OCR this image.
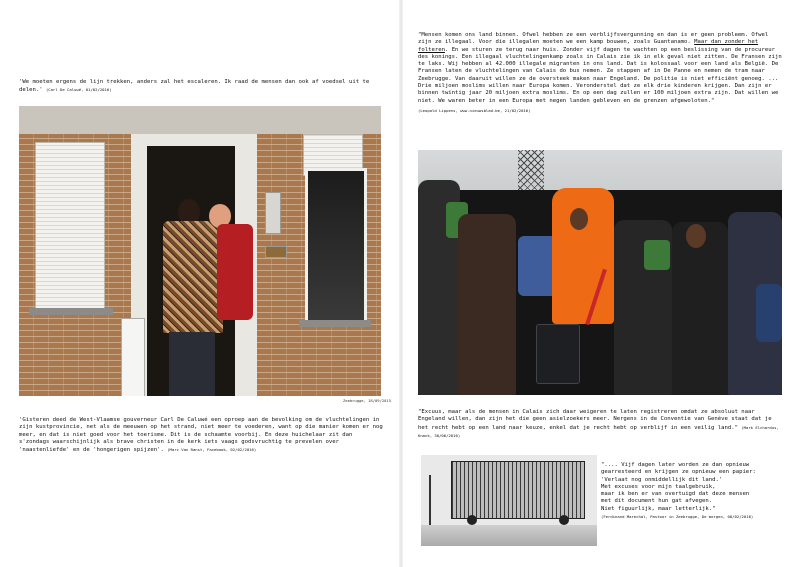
'We moeten ergens de lijn trekken, anders zal het escaleren. Ik raad de mensen dan ook af voedsel uit te delen.' (Carl De Caluwé, 01/02/2016)
Zeebrugge, 18/09/2015
'Gisteren deed de West-Vlaamse gouverneur Carl De Caluwé een oproep aan de bevolking om de vluchtelingen in zijn kustprovincie, net als de meeuwen op het strand, niet meer te voederen, want op die manier komen er nog meer, en dat is niet goed voor het toerisme. Dit is de schaamte voorbij. En deze huichelaar zit dan s'zondags waarschijnlijk als brave christen in de kerk iets vaags godsvruchtig te prevelen over 'naastenliefde' en de 'hongerigen spijzen'. (Marc Van Ranst, Facebook, 02/02/2016)
"Mensen komen ons land binnen. Ofwel hebben ze een verblijfsvergunning en dan is er geen probleem. Ofwel zijn ze illegaal. Voor die illegalen moeten we een kamp bouwen, zoals Guantanamo. Maar dan zonder het folteren. En we sturen ze terug naar huis. Zonder vijf dagen te wachten op een beslissing van de procureur des konings. Een illegaal vluchtelingenkamp zoals in Calais zie ik in elk geval niet zitten. De Fransen zijn te laks. Wij hebben al 42.000 illegale migranten in ons land. Dat is kolossaal voor een land als België. De Fransen laten de vluchtelingen van Calais do bus nemen. Ze stappen af in De Panne en nemen de tram naar Zeebrugge. Van daaruit willen ze de oversteek maken naar Engeland. De politie is niet efficiënt genoeg. ... Drie miljoen moslims willen naar Europa komen. Veronderstel dat ze elk drie kinderen krijgen. Dan zijn er binnen twintig jaar 20 miljoen extra moslims. En op een dag zullen er 100 miljoen extra zijn. Dat willen we niet. We waren beter in een Europa met negen landen gebleven en de grenzen afgewoloten."
(Leopold Lippens, www.nieuwsblad.be, 21/02/2016)
"Excuus, maar als de mensen in Calais zich daar weigeren te laten registreren omdat ze absoluut naar Engeland willen, dan zijn het die geen asielzoekers meer. Nergens in de Conventie van Genève staat dat je het recht hebt op een land naar keuze, enkel dat je recht hebt op verblijf in een veilig land." (Mark Elchardus, Knack, 30/06/2016)
".... Vijf dagen later worden ze dan opnieuw
gearresteerd en krijgen ze opnieuw een papier:
'Verlaat nog onmiddellijk dit land.'
Met excuses voor mijn taalgebruik,
maar ik ben er van overtuigd dat deze mensen
met dit document hun gat afvegen.
Niet figuurlijk, maar letterlijk."
(Ferdinand Marechal, Pastoor in Zeebrugge, De morgen, 08/02/2016)
